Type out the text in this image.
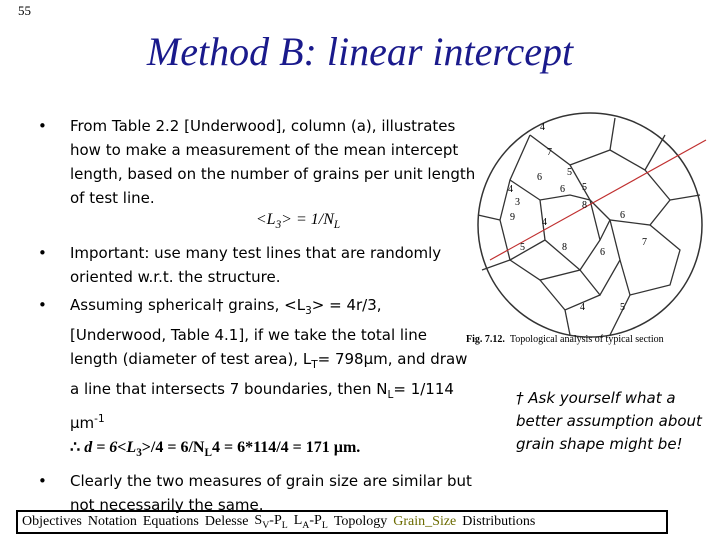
55
Method B: linear intercept
• From Table 2.2 [Underwood], column (a), illustrates how to make a measurement of the mean intercept length, based on the number of grains per unit length of test line.
$<L_3> = 1/N_L$
• Important: use many test lines that are randomly oriented w.r.t. the structure.
• Assuming spherical† grains, $<L_3> = 4r/3$, [Underwood, Table 4.1], if we take the total line length (diameter of test area), $L_T= 798\mu m$, and draw a line that intersects 7 boundaries, then $N_L= 1/114$ µm$^{-1}$
∴ $d = 6<L_3>/4 = 6/N_L4 = 6*114/4 = 171$ µm.
• Clearly the two measures of grain size are similar but not necessarily the same.
4
7
6	5
4	6
3
5
8
9	4
6
5	8	6
7
4	5
Fig. 7.12. Topological analysis of typical section
† Ask yourself what a better assumption about grain shape might be!
Objectives Notation Equations Delesse $S_V-P_L$ $L_A-P_L$ Topology Grain_Size Distributions
